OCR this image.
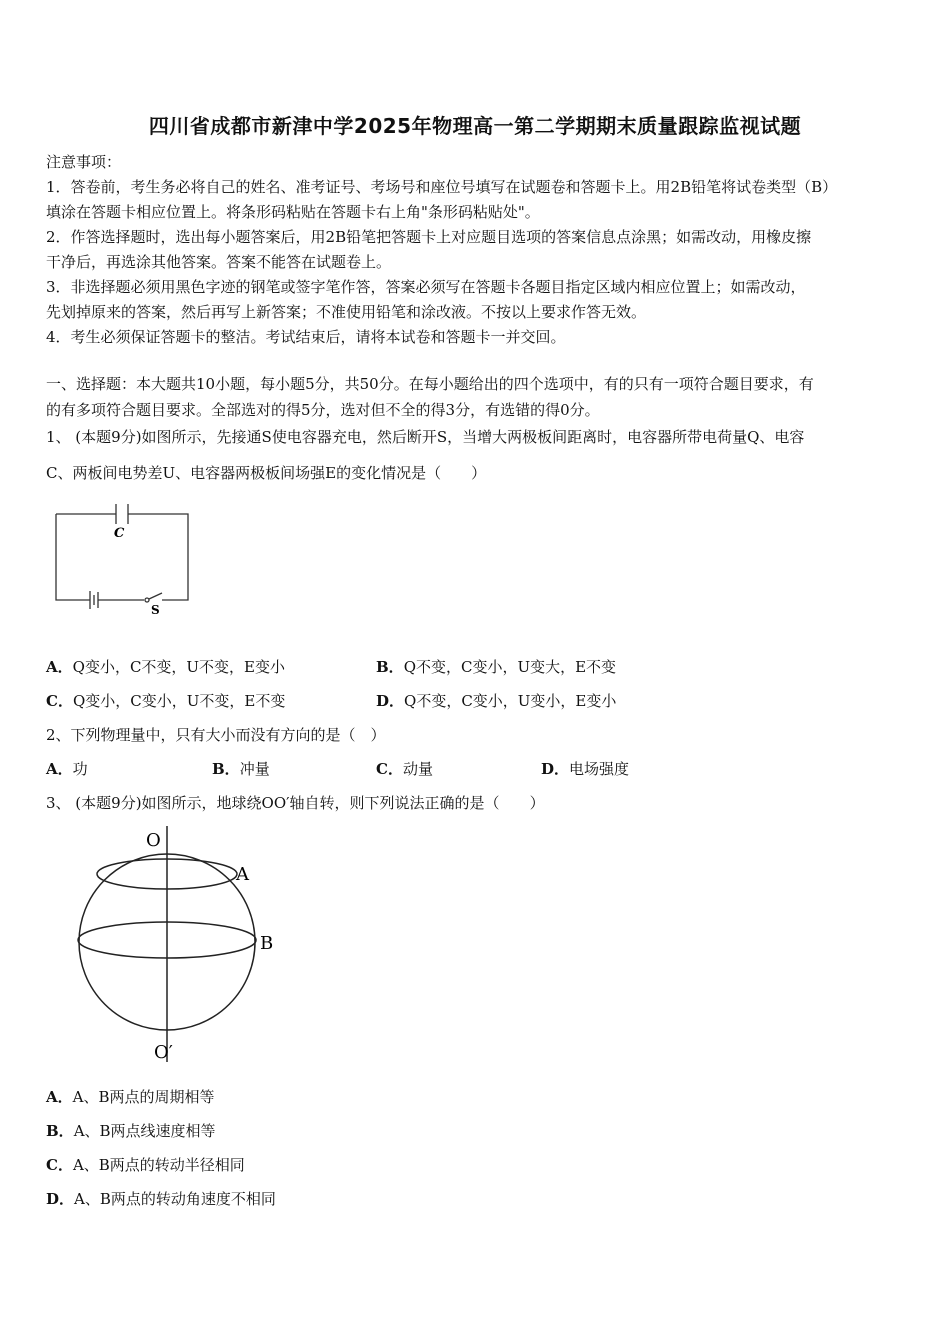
四川省成都市新津中学2025年物理高一第二学期期末质量跟踪监视试题
注意事项：
1．答卷前，考生务必将自己的姓名、准考证号、考场号和座位号填写在试题卷和答题卡上。用2B铅笔将试卷类型（B）
填涂在答题卡相应位置上。将条形码粘贴在答题卡右上角"条形码粘贴处"。
2．作答选择题时，选出每小题答案后，用2B铅笔把答题卡上对应题目选项的答案信息点涂黑；如需改动，用橡皮擦
干净后，再选涂其他答案。答案不能答在试题卷上。
3．非选择题必须用黑色字迹的钢笔或签字笔作答，答案必须写在答题卡各题目指定区域内相应位置上；如需改动，
先划掉原来的答案，然后再写上新答案；不准使用铅笔和涂改液。不按以上要求作答无效。
4．考生必须保证答题卡的整洁。考试结束后，请将本试卷和答题卡一并交回。
一、选择题：本大题共10小题，每小题5分，共50分。在每小题给出的四个选项中，有的只有一项符合题目要求，有
的有多项符合题目要求。全部选对的得5分，选对但不全的得3分，有选错的得0分。
1、 (本题9分)如图所示，先接通S使电容器充电，然后断开S，当增大两极板间距离时，电容器所带电荷量Q、电容
C、两板间电势差U、电容器两极板间场强E的变化情况是（　　）
C
S
A．Q变小，C不变，U不变，E变小	B．Q不变，C变小，U变大，E不变
C．Q变小，C变小，U不变，E不变	D．Q不变，C变小，U变小，E变小
2、下列物理量中，只有大小而没有方向的是（　）
A．功	B．冲量	C．动量	D．电场强度
3、 (本题9分)如图所示，地球绕OO′轴自转，则下列说法正确的是（　　）
O
O′
A
B
A．A、B两点的周期相等
B．A、B两点线速度相等
C．A、B两点的转动半径相同
D．A、B两点的转动角速度不相同
